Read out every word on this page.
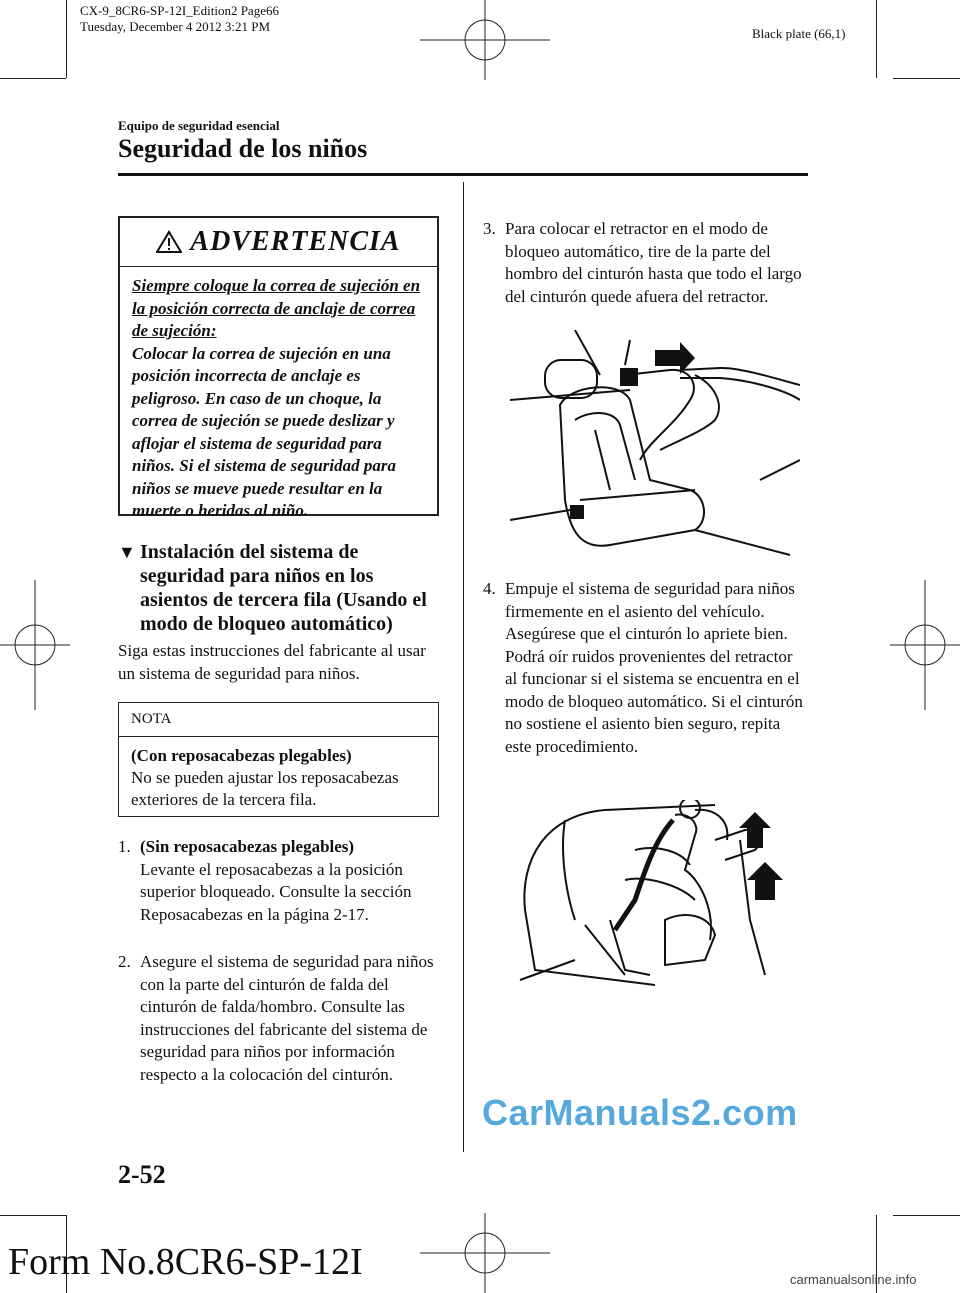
CX-9_8CR6-SP-12I_Edition2 Page66
Tuesday, December 4 2012 3:21 PM	Black plate (66,1)
Equipo de seguridad esencial
Seguridad de los niños
ADVERTENCIA
Siempre coloque la correa de sujeción en la posición correcta de anclaje de correa de sujeción:
Colocar la correa de sujeción en una posición incorrecta de anclaje es peligroso. En caso de un choque, la correa de sujeción se puede deslizar y aflojar el sistema de seguridad para niños. Si el sistema de seguridad para niños se mueve puede resultar en la muerte o heridas al niño.
▼ Instalación del sistema de seguridad para niños en los asientos de tercera fila (Usando el modo de bloqueo automático)
Siga estas instrucciones del fabricante al usar un sistema de seguridad para niños.
NOTA
(Con reposacabezas plegables)
No se pueden ajustar los reposacabezas exteriores de la tercera fila.
1. (Sin reposacabezas plegables)
Levante el reposacabezas a la posición superior bloqueado. Consulte la sección Reposacabezas en la página 2-17.
2. Asegure el sistema de seguridad para niños con la parte del cinturón de falda del cinturón de falda/hombro. Consulte las instrucciones del fabricante del sistema de seguridad para niños por información respecto a la colocación del cinturón.
3. Para colocar el retractor en el modo de bloqueo automático, tire de la parte del hombro del cinturón hasta que todo el largo del cinturón quede afuera del retractor.
4. Empuje el sistema de seguridad para niños firmemente en el asiento del vehículo. Asegúrese que el cinturón lo apriete bien. Podrá oír ruidos provenientes del retractor al funcionar si el sistema se encuentra en el modo de bloqueo automático. Si el cinturón no sostiene el asiento bien seguro, repita este procedimiento.
2-52
Form No.8CR6-SP-12I
CarManuals2.com
carmanualsonline.info
